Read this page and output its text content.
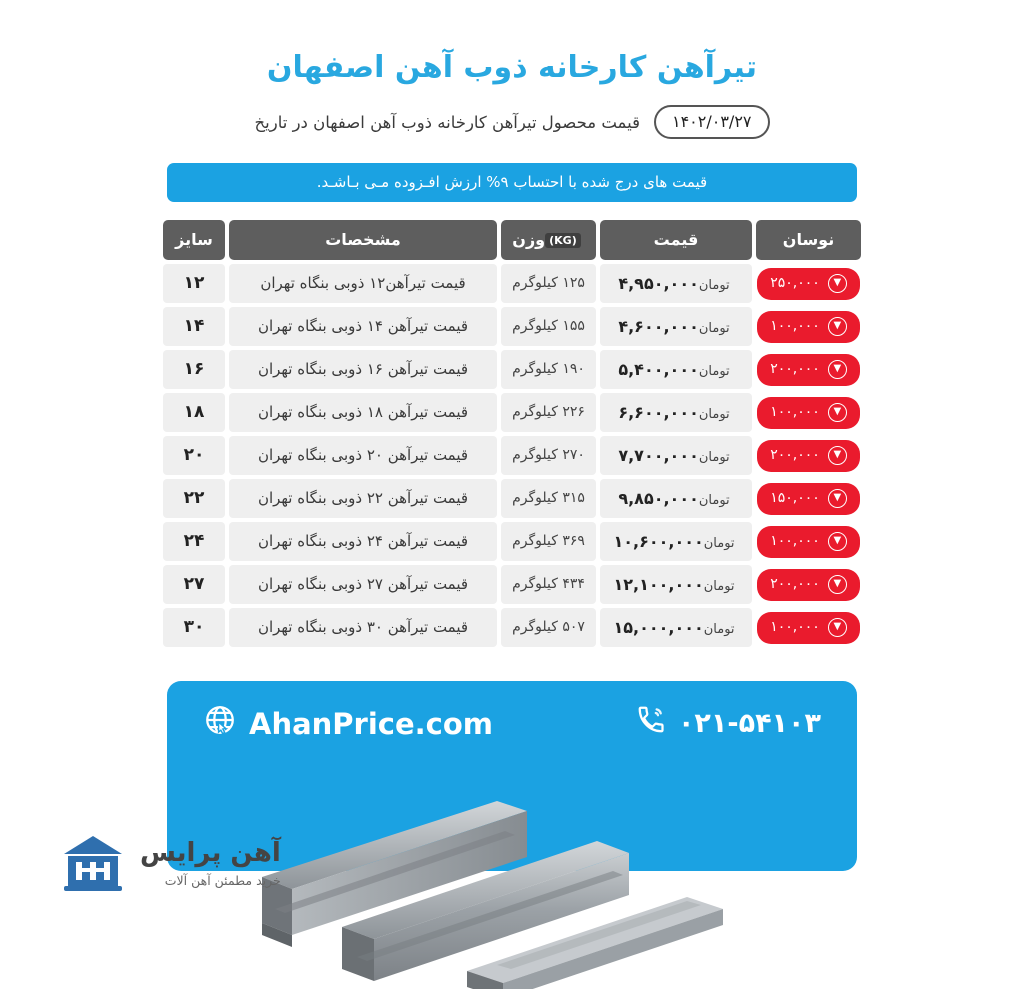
تیرآهن کارخانه ذوب آهن اصفهان
۱۴۰۲/۰۳/۲۷
قیمت محصول تیرآهن کارخانه ذوب آهن اصفهان در تاریخ
قیمت های درج شده با احتساب ۹% ارزش افـزوده مـی بـاشـد.
نوسان	قیمت	(KG)وزن	مشخصات	سایز

▼
۲۵۰,۰۰۰	تومان۴,۹۵۰,۰۰۰	۱۲۵ کیلوگرم	قیمت تیرآهن۱۲ ذوبی بنگاه تهران	۱۲

▼
۱۰۰,۰۰۰	تومان۴,۶۰۰,۰۰۰	۱۵۵ کیلوگرم	قیمت تیرآهن ۱۴ ذوبی بنگاه تهران	۱۴

▼
۲۰۰,۰۰۰	تومان۵,۴۰۰,۰۰۰	۱۹۰ کیلوگرم	قیمت تیرآهن ۱۶ ذوبی بنگاه تهران	۱۶

▼
۱۰۰,۰۰۰	تومان۶,۶۰۰,۰۰۰	۲۲۶ کیلوگرم	قیمت تیرآهن ۱۸ ذوبی بنگاه تهران	۱۸

▼
۲۰۰,۰۰۰	تومان۷,۷۰۰,۰۰۰	۲۷۰ کیلوگرم	قیمت تیرآهن ۲۰ ذوبی بنگاه تهران	۲۰

▼
۱۵۰,۰۰۰	تومان۹,۸۵۰,۰۰۰	۳۱۵ کیلوگرم	قیمت تیرآهن ۲۲ ذوبی بنگاه تهران	۲۲

▼
۱۰۰,۰۰۰	تومان۱۰,۶۰۰,۰۰۰	۳۶۹ کیلوگرم	قیمت تیرآهن ۲۴ ذوبی بنگاه تهران	۲۴

▼
۲۰۰,۰۰۰	تومان۱۲,۱۰۰,۰۰۰	۴۳۴ کیلوگرم	قیمت تیرآهن ۲۷ ذوبی بنگاه تهران	۲۷

▼
۱۰۰,۰۰۰	تومان۱۵,۰۰۰,۰۰۰	۵۰۷ کیلوگرم	قیمت تیرآهن ۳۰ ذوبی بنگاه تهران	۳۰
۰۲۱-۵۴۱۰۳
AhanPrice.com
آهن پرایس
خرید مطمئن آهن آلات
